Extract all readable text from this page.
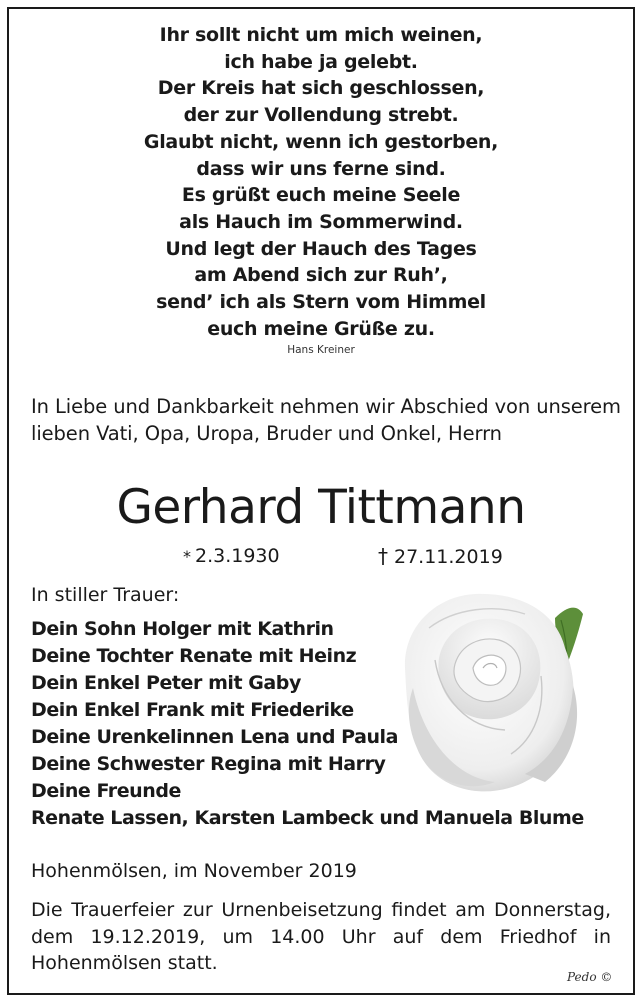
Ihr sollt nicht um mich weinen,
ich habe ja gelebt.
Der Kreis hat sich geschlossen,
der zur Vollendung strebt.
Glaubt nicht, wenn ich gestorben,
dass wir uns ferne sind.
Es grüßt euch meine Seele
als Hauch im Sommerwind.
Und legt der Hauch des Tages
am Abend sich zur Ruh’,
send’ ich als Stern vom Himmel
euch meine Grüße zu.
Hans Kreiner
In Liebe und Dankbarkeit nehmen wir Abschied von unserem
lieben Vati, Opa, Uropa, Bruder und Onkel, Herrn
Gerhard Tittmann
* 2.3.1930	† 27.11.2019
In stiller Trauer:
Dein Sohn Holger mit Kathrin
Deine Tochter Renate mit Heinz
Dein Enkel Peter mit Gaby
Dein Enkel Frank mit Friederike
Deine Urenkelinnen Lena und Paula
Deine Schwester Regina mit Harry
Deine Freunde
Renate Lassen, Karsten Lambeck und Manuela Blume
Hohenmölsen, im November 2019
Die Trauerfeier zur Urnenbeisetzung findet am Donnerstag, dem 19.12.2019, um 14.00 Uhr auf dem Friedhof in Hohenmölsen statt.
Pedo ©
